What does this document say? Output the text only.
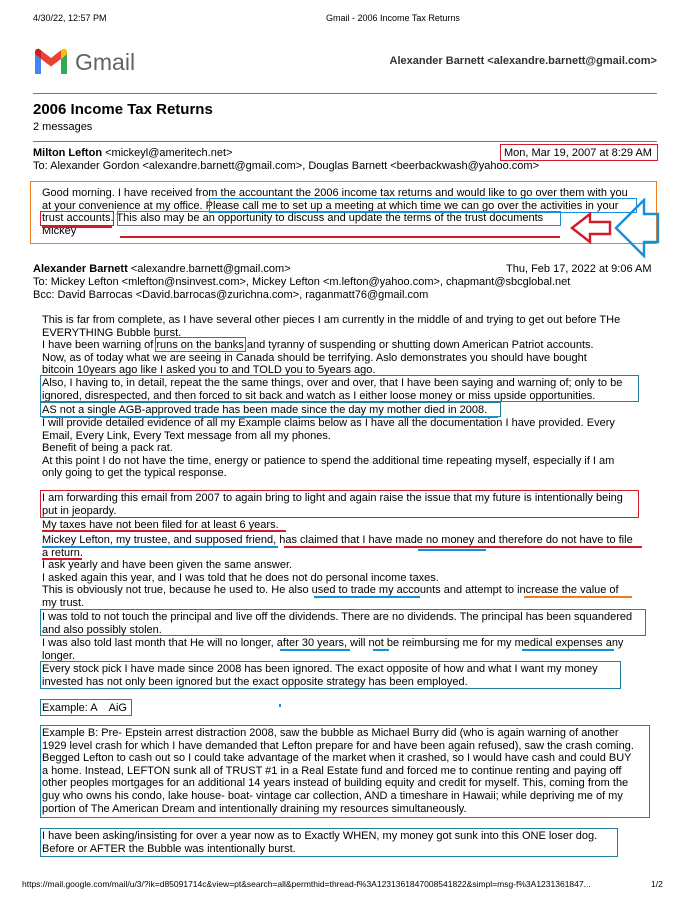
4/30/22, 12:57 PM	Gmail - 2006 Income Tax Returns
Gmail	Alexander Barnett <alexandre.barnett@gmail.com>
2006 Income Tax Returns
2 messages
Milton Lefton <mickeyl@ameritech.net>	Mon, Mar 19, 2007 at 8:29 AM
To: Alexander Gordon <alexandre.barnett@gmail.com>, Douglas Barnett <beerbackwash@yahoo.com>
Good morning. I have received from the accountant the 2006 income tax returns and would like to go over them with you
at your convenience at my office. Please call me to set up a meeting at which time we can go over the activities in your
trust accounts. This also may be an opportunity to discuss and update the terms of the trust documents
Mickey
Alexander Barnett <alexandre.barnett@gmail.com>	Thu, Feb 17, 2022 at 9:06 AM
To: Mickey Lefton <mlefton@nsinvest.com>, Mickey Lefton <m.lefton@yahoo.com>, chapmant@sbcglobal.net
Bcc: David Barrocas <David.barrocas@zurichna.com>, raganmatt76@gmail.com
This is far from complete, as I have several other pieces I am currently in the middle of and trying to get out before THe EVERYTHING Bubble burst.
I have been warning of runs on the banks and tyranny of suspending or shutting down American Patriot accounts.
Now, as of today what we are seeing in Canada should be terrifying. Aslo demonstrates you should have bought
bitcoin 10years ago like I asked you to and TOLD you to 5years ago.
Also, I having to, in detail, repeat the the same things, over and over, that I have been saying and warning of; only to be
ignored, disrespected, and then forced to sit back and watch as I either loose money or miss upside opportunities.
AS not a single AGB-approved trade has been made since the day my mother died in 2008.
I will provide detailed evidence of all my Example claims below as I have all the documentation I have provided. Every
Email, Every Link, Every Text message from all my phones.
Benefit of being a pack rat.
At this point I do not have the time, energy or patience to spend the additional time repeating myself, especially if I am
only going to get the typical response.
I am forwarding this email from 2007 to again bring to light and again raise the issue that my future is intentionally being
put in jeopardy.
My taxes have not been filed for at least 6 years.
Mickey Lefton, my trustee, and supposed friend, has claimed that I have made no money and therefore do not have to file
a return.
I ask yearly and have been given the same answer.
I asked again this year, and I was told that he does not do personal income taxes.
This is obviously not true, because he used to. He also used to trade my accounts and attempt to increase the value of
my trust.
I was told to not touch the principal and live off the dividends. There are no dividends. The principal has been squandered
and also possibly stolen.
I was also told last month that He will no longer, after 30 years, will not be reimbursing me for my medical expenses any
longer.
Every stock pick I have made since 2008 has been ignored. The exact opposite of how and what I want my money
invested has not only been ignored but the exact opposite strategy has been employed.
Example: A    AiG
Example B: Pre- Epstein arrest distraction 2008, saw the bubble as Michael Burry did (who is again warning of another
1929 level crash for which I have demanded that Lefton prepare for and have been again refused), saw the crash coming.
Begged Lefton to cash out so I could take advantage of the market when it crashed, so I would have cash and could BUY
a home. Instead, LEFTON sunk all of TRUST #1 in a Real Estate fund and forced me to continue renting and paying off
other peoples mortgages for an additional 14 years instead of building equity and credit for myself. This, coming from the
guy who owns his condo, lake house- boat- vintage car collection, AND a timeshare in Hawaii; while depriving me of my
portion of The American Dream and intentionally draining my resources simultaneously.
I have been asking/insisting for over a year now as to Exactly WHEN, my money got sunk into this ONE loser dog.
Before or AFTER the Bubble was intentionally burst.
https://mail.google.com/mail/u/3/?ik=d85091714c&view=pt&search=all&permthid=thread-f%3A1231361847008541822&simpl=msg-f%3A1231361847...	1/2
